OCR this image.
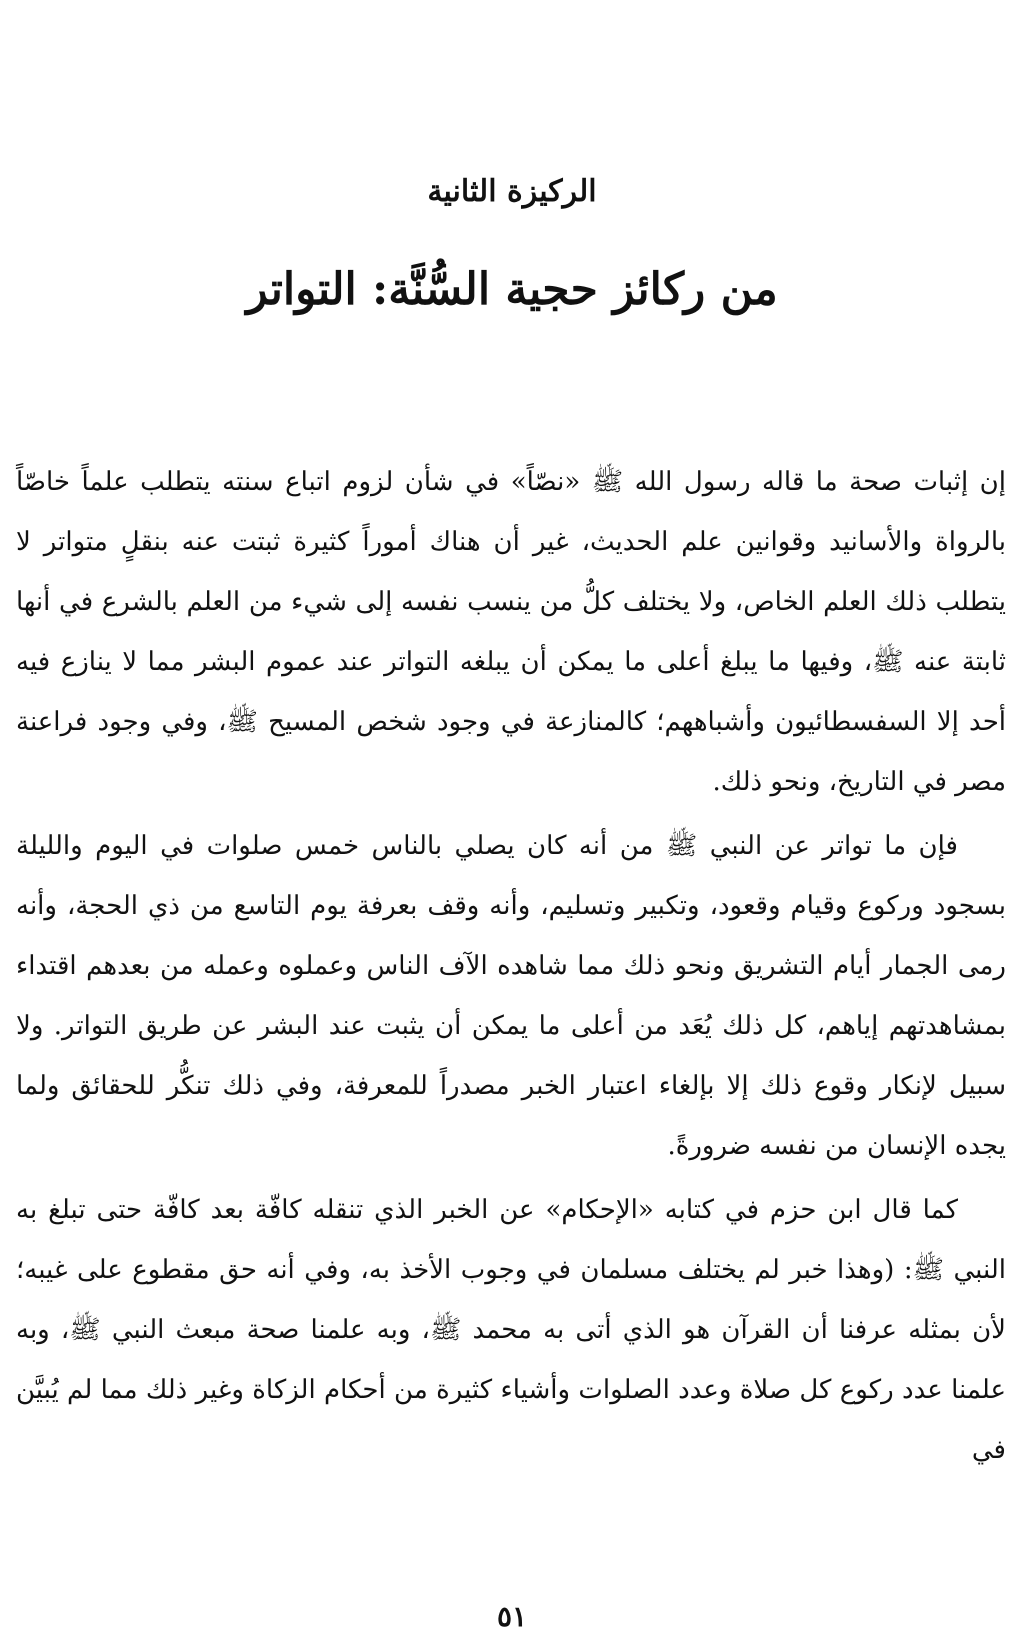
الركيزة الثانية
من ركائز حجية السُّنَّة: التواتر

إن إثبات صحة ما قاله رسول الله ﷺ «نصّاً» في شأن لزوم اتباع سنته يتطلب علماً خاصّاً بالرواة والأسانيد وقوانين علم الحديث، غير أن هناك أموراً كثيرة ثبتت عنه بنقلٍ متواتر لا يتطلب ذلك العلم الخاص، ولا يختلف كلُّ من ينسب نفسه إلى شيء من العلم بالشرع في أنها ثابتة عنه ﷺ، وفيها ما يبلغ أعلى ما يمكن أن يبلغه التواتر عند عموم البشر مما لا ينازع فيه أحد إلا السفسطائيون وأشباههم؛ كالمنازعة في وجود شخص المسيح ﷺ، وفي وجود فراعنة مصر في التاريخ، ونحو ذلك.

فإن ما تواتر عن النبي ﷺ من أنه كان يصلي بالناس خمس صلوات في اليوم والليلة بسجود وركوع وقيام وقعود، وتكبير وتسليم، وأنه وقف بعرفة يوم التاسع من ذي الحجة، وأنه رمى الجمار أيام التشريق ونحو ذلك مما شاهده الآف الناس وعملوه وعمله من بعدهم اقتداء بمشاهدتهم إياهم، كل ذلك يُعَد من أعلى ما يمكن أن يثبت عند البشر عن طريق التواتر. ولا سبيل لإنكار وقوع ذلك إلا بإلغاء اعتبار الخبر مصدراً للمعرفة، وفي ذلك تنكُّر للحقائق ولما يجده الإنسان من نفسه ضرورةً.

كما قال ابن حزم في كتابه «الإحكام» عن الخبر الذي تنقله كافّة بعد كافّة حتى تبلغ به النبي ﷺ: (وهذا خبر لم يختلف مسلمان في وجوب الأخذ به، وفي أنه حق مقطوع على غيبه؛ لأن بمثله عرفنا أن القرآن هو الذي أتى به محمد ﷺ، وبه علمنا صحة مبعث النبي ﷺ، وبه علمنا عدد ركوع كل صلاة وعدد الصلوات وأشياء كثيرة من أحكام الزكاة وغير ذلك مما لم يُبيَّن في

٥١
